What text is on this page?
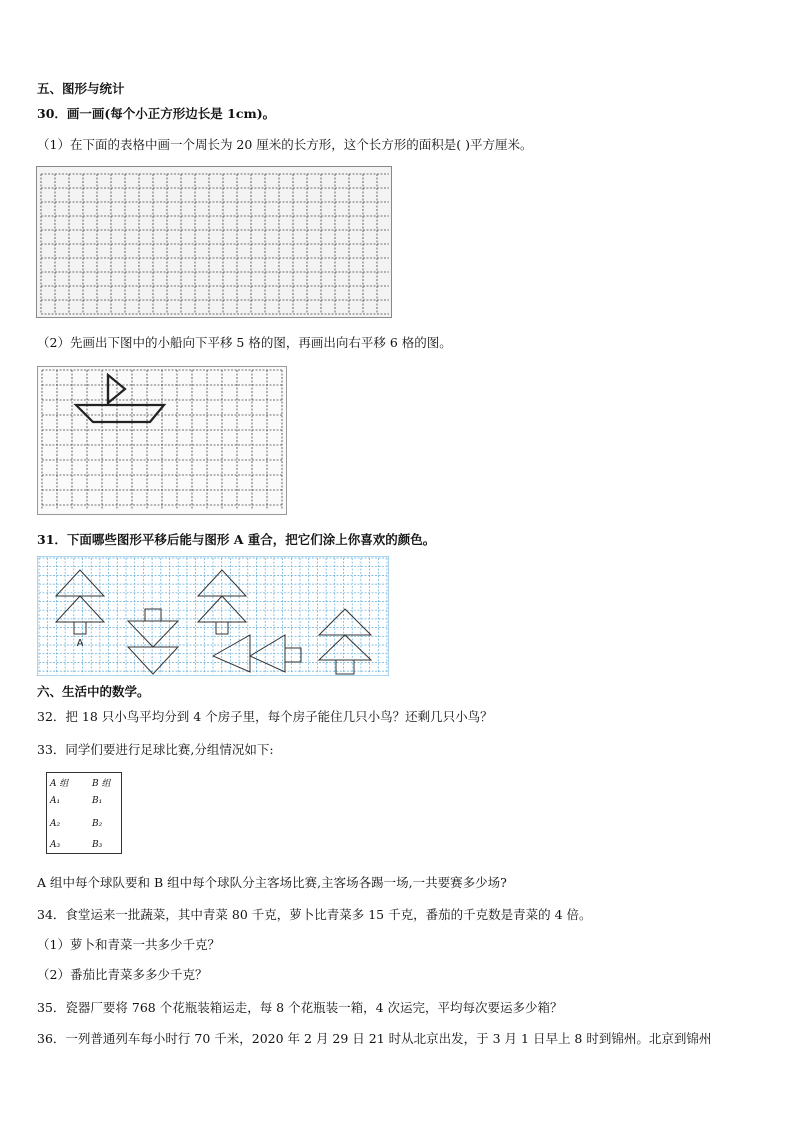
五、图形与统计
30．画一画(每个小正方形边长是 1cm)。
（1）在下面的表格中画一个周长为 20 厘米的长方形，这个长方形的面积是( )平方厘米。
（2）先画出下图中的小船向下平移 5 格的图，再画出向右平移 6 格的图。
31．下面哪些图形平移后能与图形 A 重合，把它们涂上你喜欢的颜色。
A
六、生活中的数学。
32．把 18 只小鸟平均分到 4 个房子里，每个房子能住几只小鸟？还剩几只小鸟？
33．同学们要进行足球比赛,分组情况如下:
A 组	B 组
A₁	B₁
A₂	B₂
A₃	B₃
A 组中每个球队要和 B 组中每个球队分主客场比赛,主客场各踢一场,一共要赛多少场?
34．食堂运来一批蔬菜，其中青菜 80 千克，萝卜比青菜多 15 千克，番茄的千克数是青菜的 4 倍。
（1）萝卜和青菜一共多少千克？
（2）番茄比青菜多多少千克？
35．瓷器厂要将 768 个花瓶装箱运走，每 8 个花瓶装一箱，4 次运完，平均每次要运多少箱？
36．一列普通列车每小时行 70 千米，2020 年 2 月 29 日 21 时从北京出发，于 3 月 1 日早上 8 时到锦州。北京到锦州
